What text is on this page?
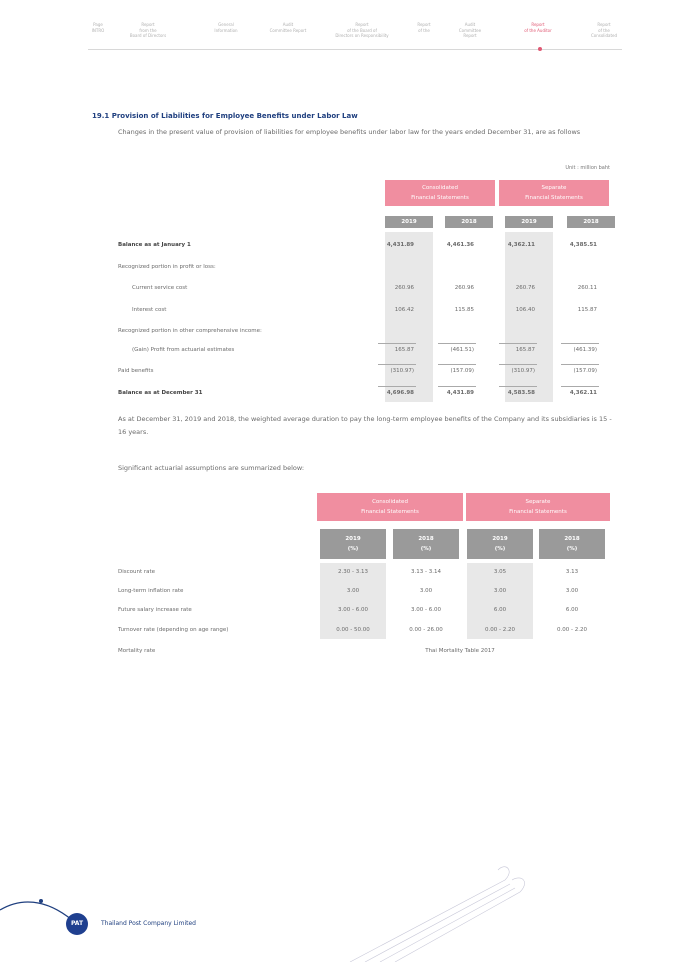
Page
INTRO
Report
from the
Board of Directors
General
Information
Audit
Committee Report
Report
of the Board of
Directors on Responsibility
Report
of the
Audit
Committee
Report
Report
of the Auditor
Report
of the
Consolidated
19.1 Provision of Liabilities for Employee Benefits under Labor Law
Changes in the present value of provision of liabilities for employee benefits under labor law for the years ended December 31, are as follows
Unit : million baht
Consolidated
Financial Statements
Separate
Financial Statements
2019	2018	2019	2018
Balance as at January 1	4,431.89	4,461.36	4,362.11	4,385.51
Recognized portion in profit or loss:
Current service cost	260.96	260.96	260.76	260.11
Interest cost	106.42	115.85	106.40	115.87
Recognized portion in other comprehensive income:
(Gain) Profit from actuarial estimates	165.87	(461.51)	165.87	(461.39)
Paid benefits	(310.97)	(157.09)	(310.97)	(157.09)
Balance as at December 31	4,696.98	4,431.89	4,583.58	4,362.11
As at December 31, 2019 and 2018, the weighted average duration to pay the long-term employee benefits of the Company and its subsidiaries is 15 - 16 years.
Significant actuarial assumptions are summarized below:
Consolidated
Financial Statements
Separate
Financial Statements
2019
(%)
2018
(%)
2019
(%)
2018
(%)
Discount rate	2.30 - 3.13	3.13 - 3.14	3.05	3.13
Long-term inflation rate	3.00	3.00	3.00	3.00
Future salary increase rate	3.00 - 6.00	3.00 - 6.00	6.00	6.00
Turnover rate (depending on age range)	0.00 - 50.00	0.00 - 26.00	0.00 - 2.20	0.00 - 2.20
Mortality rate	Thai Mortality Table 2017
PAT	Thailand Post Company Limited
